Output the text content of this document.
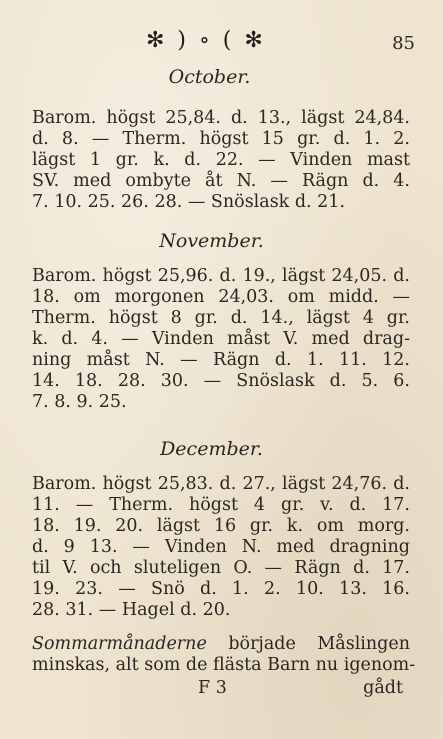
✻ ) ∘ ( ✻	85
October.
Barom. högst 25,84. d. 13., lägst 24,84.
d. 8. — Therm. högst 15 gr. d. 1. 2.
lägst 1 gr. k. d. 22. — Vinden mast
SV. med ombyte åt N. — Rägn d. 4.
7. 10. 25. 26. 28. — Snöslask d. 21.
November.
Barom. högst 25,96. d. 19., lägst 24,05. d.
18. om morgonen 24,03. om midd. —
Therm. högst 8 gr. d. 14., lägst 4 gr.
k. d. 4. — Vinden måst V. med drag-
ning måst N. — Rägn d. 1. 11. 12.
14. 18. 28. 30. — Snöslask d. 5. 6.
7. 8. 9. 25.
December.
Barom. högst 25,83. d. 27., lägst 24,76. d.
11. — Therm. högst 4 gr. v. d. 17.
18. 19. 20. lägst 16 gr. k. om morg.
d. 9 13. — Vinden N. med dragning
til V. och sluteligen O. — Rägn d. 17.
19. 23. — Snö d. 1. 2. 10. 13. 16.
28. 31. — Hagel d. 20.
Sommarmånaderne började Måslingen
minskas, alt som de flästa Barn nu igenom-
F 3	gådt
